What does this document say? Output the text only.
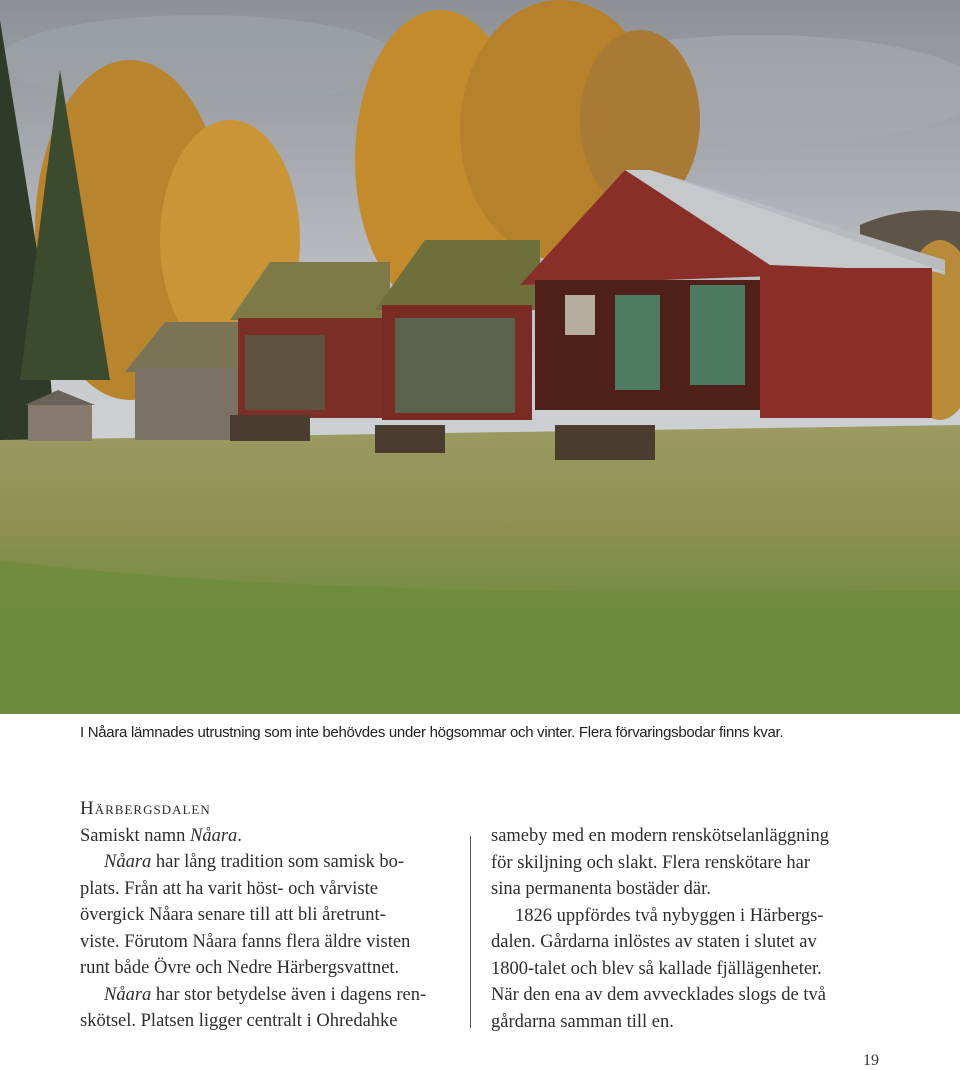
I Nåara lämnades utrustning som inte behövdes under högsommar och vinter. Flera förvaringsbodar finns kvar.
Härbergsdalen

Samiskt namn Nåara.

Nåara har lång tradition som samisk bo-

plats. Från att ha varit höst- och vårviste

övergick Nåara senare till att bli åretrunt-

viste. Förutom Nåara fanns flera äldre visten

runt både Övre och Nedre Härbergsvattnet.

Nåara har stor betydelse även i dagens ren-

skötsel. Platsen ligger centralt i Ohredahke

sameby med en modern renskötselanläggning

för skiljning och slakt. Flera renskötare har

sina permanenta bostäder där.

1826 uppfördes två nybyggen i Härbergs-

dalen. Gårdarna inlöstes av staten i slutet av

1800-talet och blev så kallade fjällägenheter.

När den ena av dem avvecklades slogs de två

gårdarna samman till en.

19
